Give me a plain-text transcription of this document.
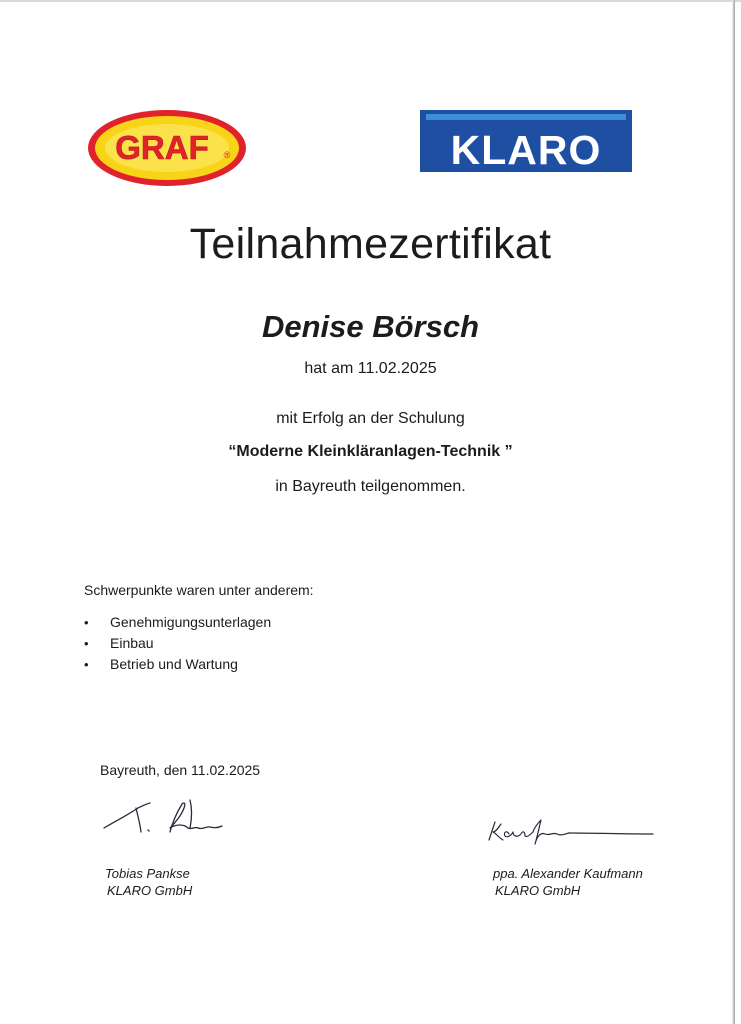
GRAF ®	KLARO
Teilnahmezertifikat
Denise Börsch
hat am 11.02.2025
mit Erfolg an der Schulung
“Moderne Kleinkläranlagen-Technik ”
in Bayreuth teilgenommen.
Schwerpunkte waren unter anderem:
• Genehmigungsunterlagen
• Einbau
• Betrieb und Wartung
Bayreuth, den 11.02.2025
Tobias Pankse
KLARO GmbH
ppa. Alexander Kaufmann
KLARO GmbH
